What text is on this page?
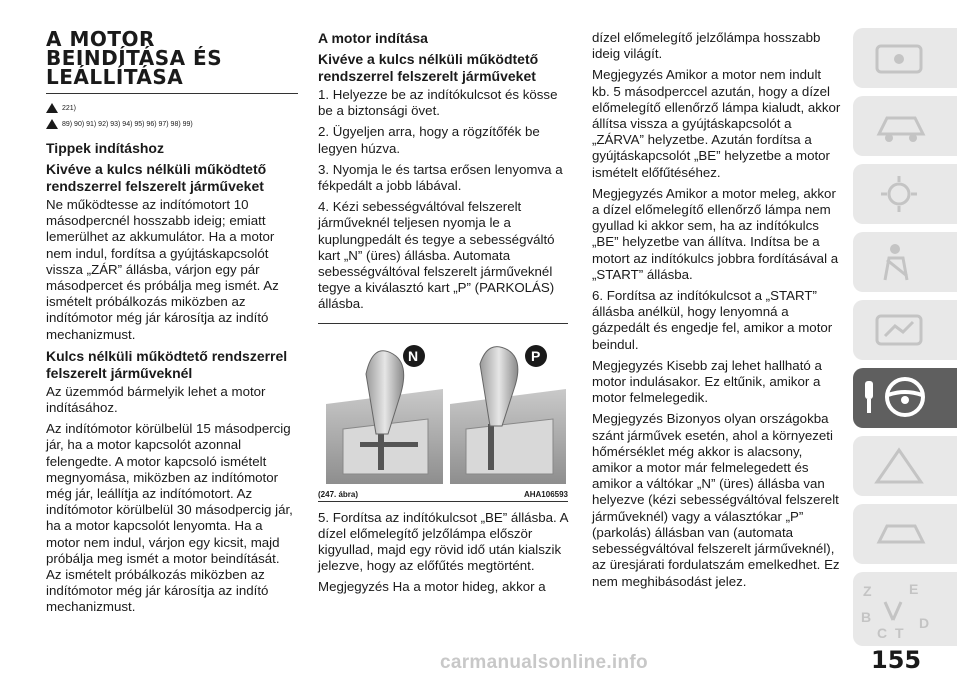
A MOTOR
BEINDÍTÁSA ÉS
LEÁLLÍTÁSA
221)
89) 90) 91) 92) 93) 94) 95) 96) 97) 98) 99)
Tippek indításhoz
Kivéve a kulcs nélküli működtető rendszerrel felszerelt járműveket

Ne működtesse az indítómotort 10 másodpercnél hosszabb ideig; emiatt lemerülhet az akkumulátor. Ha a motor nem indul, fordítsa a gyújtáskapcsolót vissza „ZÁR” állásba, várjon egy pár másodpercet és próbálja meg ismét. Az ismételt próbálkozás miközben az indítómotor még jár károsítja az indító mechanizmust.

Kulcs nélküli működtető rendszerrel felszerelt járműveknél

Az üzemmód bármelyik lehet a motor indításához.

Az indítómotor körülbelül 15 másodpercig jár, ha a motor kapcsolót azonnal felengedte. A motor kapcsoló ismételt megnyomása, miközben az indítómotor még jár, leállítja az indítómotort. Az indítómotor körülbelül 30 másodpercig jár, ha a motor kapcsolót lenyomta. Ha a motor nem indul, várjon egy kicsit, majd próbálja meg ismét a motor beindítását. Az ismételt próbálkozás miközben az indítómotor még jár károsítja az indító mechanizmust.

A motor indítása
Kivéve a kulcs nélküli működtető rendszerrel felszerelt járműveket

1. Helyezze be az indítókulcsot és kösse be a biztonsági övet.

2. Ügyeljen arra, hogy a rögzítőfék be legyen húzva.

3. Nyomja le és tartsa erősen lenyomva a fékpedált a jobb lábával.

4. Kézi sebességváltóval felszerelt járműveknél teljesen nyomja le a kuplungpedált és tegye a sebességváltó kart „N” (üres) állásba. Automata sebességváltóval felszerelt járműveknél tegye a kiválasztó kart „P” (PARKOLÁS) állásba.

N	P
(247. ábra)	AHA106593

5. Fordítsa az indítókulcsot „BE” állásba. A dízel előmelegítő jelzőlámpa először kigyullad, majd egy rövid idő után kialszik jelezve, hogy az előfűtés megtörtént.

Megjegyzés Ha a motor hideg, akkor a

dízel előmelegítő jelzőlámpa hosszabb ideig világít.

Megjegyzés Amikor a motor nem indult kb. 5 másodperccel azután, hogy a dízel előmelegítő ellenőrző lámpa kialudt, akkor állítsa vissza a gyújtáskapcsolót a „ZÁRVA” helyzetbe. Azután fordítsa a gyújtáskapcsolót „BE” helyzetbe a motor ismételt előfűtéséhez.

Megjegyzés Amikor a motor meleg, akkor a dízel előmelegítő ellenőrző lámpa nem gyullad ki akkor sem, ha az indítókulcs „BE” helyzetbe van állítva. Indítsa be a motort az indítókulcs jobbra fordításával a „START” állásba.

6. Fordítsa az indítókulcsot a „START” állásba anélkül, hogy lenyomná a gázpedált és engedje fel, amikor a motor beindul.

Megjegyzés Kisebb zaj lehet hallható a motor indulásakor. Ez eltűnik, amikor a motor felmelegedik.

Megjegyzés Bizonyos olyan országokba szánt járművek esetén, ahol a környezeti hőmérséklet még akkor is alacsony, amikor a motor már felmelegedett és amikor a váltókar „N” (üres) állásba van helyezve (kézi sebességváltóval felszerelt járműveknél) vagy a választókar „P” (parkolás) állásban van (automata sebességváltóval felszerelt járműveknél), az üresjárati fordulatszám emelkedhet. Ez nem meghibásodást jelez.

Z	E
B
C T
D
155
carmanualsonline.info
